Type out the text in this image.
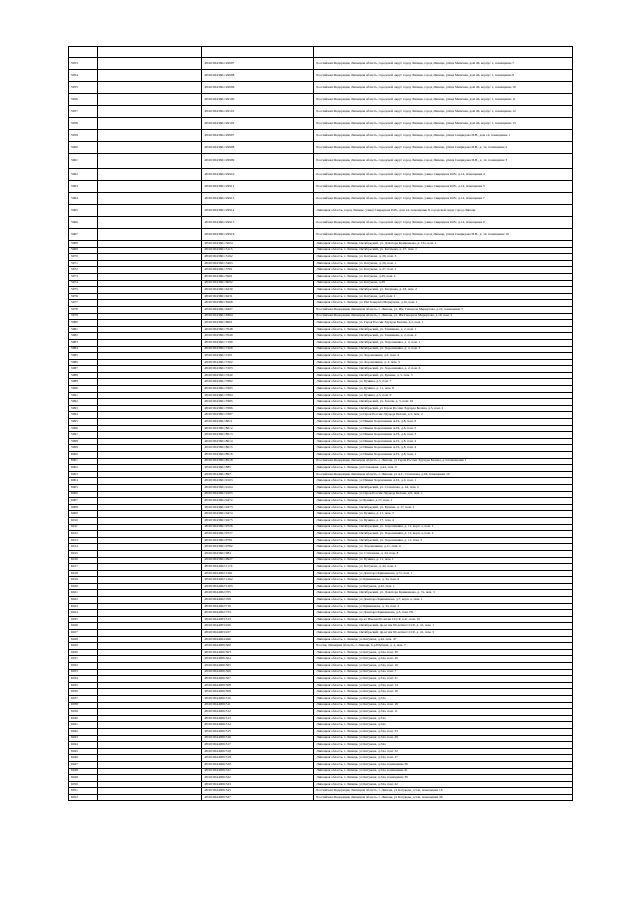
5953		48:20:0043601:29097	Российская Федерация, Липецкая область, городской округ город Липецк, город Липецк, улица Минская, дом 46, корпус 1, помещение 7
5954		48:20:0043601:29098	Российская Федерация, Липецкая область, городской округ город Липецк, город Липецк, улица Минская, дом 46, корпус 1, помещение 8
5955		48:20:0043601:29099	Российская Федерация, Липецкая область, городской округ город Липецк, город Липецк, улица Минская, дом 46, корпус 1, помещение 10
5956		48:20:0043601:29100	Российская Федерация, Липецкая область, городской округ город Липецк, город Липецк, улица Минская, дом 46, корпус 1, помещение 11
5957		48:20:0043601:29101	Российская Федерация, Липецкая область, городской округ город Липецк, город Липецк, улица Минская, дом 46, корпус 1, помещение 12
5958		48:20:0043601:29102	Российская Федерация, Липецкая область, городской округ город Липецк, город Липецк, улица Минская, дом 46, корпус 1, помещение 13
5959		48:20:0043601:29907	Российская Федерация, Липецкая область, городской округ город Липецк, город Липецк, улица Свиридова И.В., дом 14, помещение 1
5960		48:20:0043601:29908	Российская Федерация, Липецкая область, городской округ город Липецк, город Липецк, улица Свиридова И.В., д. 14, помещение 2
5961		48:20:0043601:29909	Российская Федерация, Липецкая область, городской округ город Липецк, город Липецк, улица Свиридова И.В., д. 14, помещение 3
5962		48:20:0043601:29910	Российская Федерация, Липецкая область, городской округ город Липецк, улица Свиридова И.В., д.14, помещение 4
5963		48:20:0043601:29911	Российская Федерация, Липецкая область, городской округ город Липецк, улица Свиридова И.В., д.14, помещение 5
5964		48:20:0043601:29913	Российская Федерация, Липецкая область, городской округ город Липецк, улица Свиридова И.В., д.14, помещение 7
5965		48:20:0043601:29914	Липецкая область, город Липецк, улица Свиридова И.В., дом 14, помещение 8, городской округ город Липецк
5966		48:20:0043601:29915	Российская Федерация, Липецкая область, городской округ город Липецк, улица Свиридова И.В., д.14, помещение 9
5967		48:20:0043601:29916	Российская Федерация, Липецкая область, городской округ город Липецк, город Липецк, улица Свиридова И.В., д. 14, помещение 10
5968		48:20:0043601:5004	Липецкая область, г. Липецк, Октябрьский, ул. Доватора Кривенкова, д. 13а, пом. 1
5969		48:20:0043601:5115	Липецкая область, г. Липецк, Октябрьский, ул. Катукова, д. 27, пом. 1
5970		48:20:0043601:5192	Липецкая область, г. Липецк, ул. Катукова, д. 29, пом. 3
5971		48:20:0043601:5493	Липецкая область, г. Липецк, ул. Катукова, д. 29, пом. 1
5972		48:20:0043601:5761	Липецкая область, г. Липецк, ул. Катукова, д. 27, пом. 2
5973		48:20:0043601:5901	Липецкая область, г. Липецк, ул. Катукова, д.39, пом. 2
5974		48:20:0043601:6092	Липецкая область, г. Липецк, ул. Катукова, д.39
5975		48:20:0043601:6230	Липецкая область, г. Липецк, Октябрьский, ул. Катукова, д. 43, пом. 2
5976		48:20:0043601:6231	Липецкая область, г. Липецк, ул. Катукова, д.43, пом. 1
5977		48:20:0043601:6268	Липецкая область, г. Липецк, ул. Им Генерала Меркулова, д.10, пом. 1
5978		48:20:0043601:6297	Российская Федерация, Липецкая область, г. Липецк, ул. Им. Генерала Меркулова, д.10, помещение 7
5979		48:20:0043601:6364	Российская Федерация, Липецкая область, г. Липецк, ул. Им Генерала Меркулова, д.10, пом. 5
5980		48:20:0043601:6901	Липецкая область, г. Липецк, ул. Героя России Эдуарда Белана, д.2, пом. 1
5981		48:20:0043601:7048	Липецкая область, г. Липецк, Октябрьский, ул. Тенишева, д. 2, пом. 1
5982		48:20:0043601:7049	Липецкая область, г. Липецк, Октябрьский, ул. Тенишева, д. 2, пом. 2
5983		48:20:0043601:7199	Липецкая область, г. Липецк, Октябрьский, ул. Хорошавина, д. 2, пом. 1
5984		48:20:0043601:7200	Липецкая область, г. Липецк, Октябрьский, ул. Хорошавина, д. 2, пом. 3
5985		48:20:0043601:7201	Липецкая область, г. Липецк, ул. Хорошавина, д.2, пом. 4
5986		48:20:0043601:7202	Липецкая область, г. Липецк, ул. Хорошавина, д. 2, пом. 5
5987		48:20:0043601:7203	Липецкая область, г. Липецк, Октябрьский, ул. Хорошавина, д. 2, пом. 6
5988		48:20:0043601:7640	Липецкая область, г. Липецк, Октябрьский, ул. Бунина, д. 5, пом. 5
5989		48:20:0043601:7682	Липецкая область, г. Липецк, ул. Бунина, д.5, пом. 7
5990		48:20:0043601:7683	Липецкая область, г. Липецк, ул. Бунина, д. 11, пом. 8
5991		48:20:0043601:7684	Липецкая область, г. Липецк, ул. Бунина, д.5, пом. 9
5992		48:20:0043601:7685	Липецкая область, г. Липецк, Октябрьский, ул. Зегеля, д. 5, пом. 10
5993		48:20:0043601:7686	Липецкая область, г. Липецк, Октябрьский, ул Героя России Эдуарда Белана, д.5, пом. 2
5994		48:20:0043601:7687	Липецкая область, г. Липецк, ул Героя России Эдуарда Белана, д.5, пом. 2
5995		48:20:0043601:8011	Липецкая область, г. Липецк, ул Имени Хорошавина А.И., д.8, пом. 6
5996		48:20:0043601:8012	Липецкая область, г. Липецк, ул Имени Хорошавина А.И., д.6, пом. 5
5997		48:20:0043601:8013	Липецкая область, г. Липецк, ул Имени Хорошавина А.И., д.6, пом. 3
5998		48:20:0043601:8014	Липецкая область, г. Липецк, ул Имени Хорошавина А.И., д.8, пом. 2
5999		48:20:0043601:8015	Липецкая область, г. Липецк, ул Имени Хорошавина А.И., д.8, пом. 4
6000		48:20:0043601:8016	Липецкая область, г. Липецк, ул Имени Хорошавина А.И., д.8, пом. 1
6001		48:20:0043601:8518	Российская Федерация, Липецкая область, г. Липецк, ул Героя России Эдуарда Белана, д.3 помещение 1
6002		48:20:0043601:885	Липецкая область, г. Липецк, ул.Стаханова, д.44, пом. 9
6003		48:20:0043601:897	Российская Федерация, Липецкая область, г. Липецк, ул А.Г. Стаханова, д.44, помещение 10
6004		48:20:0043601:9103	Липецкая область, г. Липецк, ул Имени Хорошавина А.И., д.9, пом. 1
6005		48:20:0043601:9104	Липецкая область, г. Липецк, Октябрьский, ул. Стаханова, д. 44, пом. 2
6006		48:20:0043601:9105	Липецкая область, г. Липецк, ул Героя России Эдуарда Белана, д.9, пом. 1
6007		48:20:0043601:9472	Липецкая область, г. Липецк, ул Бунина, д.17, пом. 1
6008		48:20:0043601:9473	Липецкая область, г. Липецк, Октябрьский, ул. Бунина, д. 17, пом. 2
6009		48:20:0043601:9474	Липецкая область, г. Липецк, ул. Бунина, д. 11, пом. 3
6010		48:20:0043601:9475	Липецкая область, г. Липецк, ул. Бунина, д. 17, пом. 4
6011		48:20:0043601:9726	Липецкая область, г. Липецк, Октябрьский, ул. Хорошавина, д. 11, корп. а, пом. 1
6012		48:20:0043601:9727	Липецкая область, г. Липецк, Октябрьский, ул. Хорошавина, д. 11, корп. а, пом. 2
6013		48:20:0043601:9781	Липецкая область, г. Липецк, Октябрьский, ул. Хорошавина, д. 11, пом. 3
6014		48:20:0043601:9782	Липецкая область, г. Липецк, ул. Хорошавина, д.11, пом. 4
6015		48:20:0043601:984	Липецкая область, г. Липецк, ул. Стаханова, д. 44, пом. 8
6016		48:20:0043601:9927	Липецкая область, г. Липецк, ул. Бунина, д. 11, пом. 1
6017		48:20:0044002:1174	Липецкая область, г. Липецк, ул. Катукова, д. 42, пом. 2
6018		48:20:0044002:1261	Липецкая область, г. Липецк, ул Доватора Кривенкова, д.7а, пом. 1
6019		48:20:0044002:1262	Липецкая область, г. Липецк, ул Кривенкова, д. 3а, пом. 6
6020		48:20:0044002:1263	Липецкая область, г. Липецк, ул Катукова, д.42, пом. 1
6021		48:20:0044002:705	Липецкая область, г. Липецк, Октябрьский, ул. Доватора Кривенкова, д. 7а, пом. 3
6022		48:20:0044002:708	Липецкая область, г. Липецк, ул Доватора Кривенкова, д.7, корп. а, пом. 1
6023		48:20:0044002:716	Липецкая область, г. Липецк, ул Кривенкова, д. 3а, пом. 2
6024		48:20:0044002:753	Липецкая область, г. Липецк, ул Доватора Кривенкова, д.3, пом. Н1
6025		48:20:0044003:313	Липецкая область, г. Липецк, пр-кт Имени 60-летия СССР, д.41, пом. 10
6026		48:20:0044003:456	Липецкая область, г. Липецк, Октябрьский, пр-кт им 60-летия СССР, д. 41, пом. 1
6027		48:20:0044003:457	Липецкая область, г. Липецк, Октябрьский, пр-кт им 60-летия СССР, д. 41, пом. 3
6028		48:20:0044004:496	Липецкая область, г. Липецк, ул Катукова, д.44, пом. 47
6029		48:20:0044006:500	Россия, Липецкая область, г. Липецк, б-р Шубина, д. 4, пом. 7
6030		48:20:0044006:503	Липецкая область, г. Липецк, ул Катукова, д.54а, пом. 30
6031		48:20:0044006:504	Липецкая область, г. Липецк, ул Катукова, д.54а, пом. 20
6032		48:20:0044006:505	Липецкая область, г. Липецк, ул Катукова, д.54а, пом. 16
6033		48:20:0044006:506	Липецкая область, г. Липецк, ул Катукова, д.54а, пом. 7
6034		48:20:0044006:507	Липецкая область, г. Липецк, ул Катукова, д.54а, пом. 21
6035		48:20:0044006:508	Липецкая область, г. Липецк, ул Катукова, д.54а, пом. 14
6036		48:20:0044006:509	Липецкая область, г. Липецк, ул Катукова, д.54а, пом. 18
6037		48:20:0044006:510	Липецкая область, г. Липецк, ул Катукова, д.54а
6038		48:20:0044006:511	Липецкая область, г. Липецк, ул Катукова, д.54а, пом. 19
6039		48:20:0044006:512	Липецкая область, г. Липецк, ул Катукова, д.54а, пом. 11
6040		48:20:0044006:513	Липецкая область, г. Липецк, ул Катукова, д.54а
6041		48:20:0044006:514	Липецкая область, г. Липецк, ул Катукова, д.54а
6042		48:20:0044006:515	Липецкая область, г. Липецк, ул Катукова, д.54а, пом. 33
6043		48:20:0044006:516	Липецкая область, г. Липецк, ул Катукова, д.54а, пом. 29
6044		48:20:0044006:517	Липецкая область, г. Липецк, ул Катукова, д.54а
6045		48:20:0044006:518	Липецкая область, г. Липецк, ул Катукова, д.54а, пом. 32
6046		48:20:0044006:519	Липецкая область, г. Липецк, ул Катукова, д.54а, пом. 17
6047		48:20:0044006:520	Липецкая область, г. Липецк, ул Катукова, д.54а, помещение 36
6048		48:20:0044006:521	Липецкая область, г. Липецк, ул Катукова, д.54а, помещение 41
6049		48:20:0044006:522	Липецкая область, г. Липецк, ул Катукова, д.54а, помещение 39
6050		48:20:0044006:523	Липецкая область, г. Липецк, ул Катукова, д.54а, пом. 22
6051		48:20:0044006:525	Российская Федерация, Липецкая область, г. Липецк, ул Катукова, д.54а, помещение 16
6052		48:20:0044006:527	Российская Федерация, Липецкая область, г. Липецк, ул Катукова, д.54а, помещение 46
